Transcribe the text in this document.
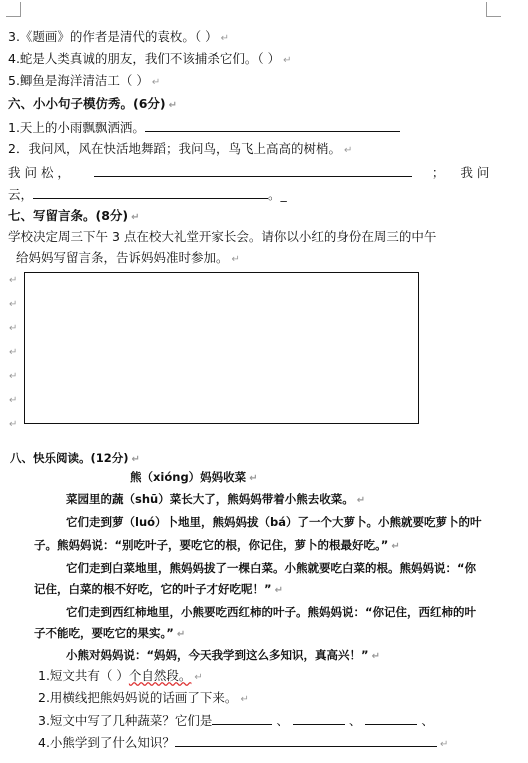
3.《题画》的作者是清代的袁枚。（ ） ↵
4.蛇是人类真诚的朋友，我们不该捕杀它们。（ ） ↵
5.鲫鱼是海洋清洁工（ ） ↵
六、小小句子模仿秀。(6分) ↵
1.天上的小雨飘飘洒洒。
2．我问风，风在快活地舞蹈；我问鸟，鸟飞上高高的树梢。 ↵
我 问 松 ，	； 我 问
云，	。_
七、写留言条。(8分) ↵
学校决定周三下午 3 点在校大礼堂开家长会。请你以小红的身份在周三的中午
给妈妈写留言条，告诉妈妈准时参加。 ↵
↵
↵
↵
↵
↵
↵
↵
八、快乐阅读。(12分) ↵
熊（xióng）妈妈收菜 ↵
菜园里的蔬（shū）菜长大了，熊妈妈带着小熊去收菜。 ↵
它们走到萝（luó）卜地里，熊妈妈拔（bá）了一个大萝卜。小熊就要吃萝卜的叶
子。熊妈妈说：“别吃叶子，要吃它的根，你记住，萝卜的根最好吃。” ↵
它们走到白菜地里，熊妈妈拔了一棵白菜。小熊就要吃白菜的根。熊妈妈说：“你
记住，白菜的根不好吃，它的叶子才好吃呢！” ↵
它们走到西红柿地里，小熊要吃西红柿的叶子。熊妈妈说：“你记住，西红柿的叶
子不能吃，要吃它的果实。” ↵
小熊对妈妈说：“妈妈，今天我学到这么多知识，真高兴！” ↵
1.短文共有（ ）个自然段。 ↵
2.用横线把熊妈妈说的话画了下来。 ↵
3.短文中写了几种蔬菜？它们是	、	、	、
4.小熊学到了什么知识？	↵
